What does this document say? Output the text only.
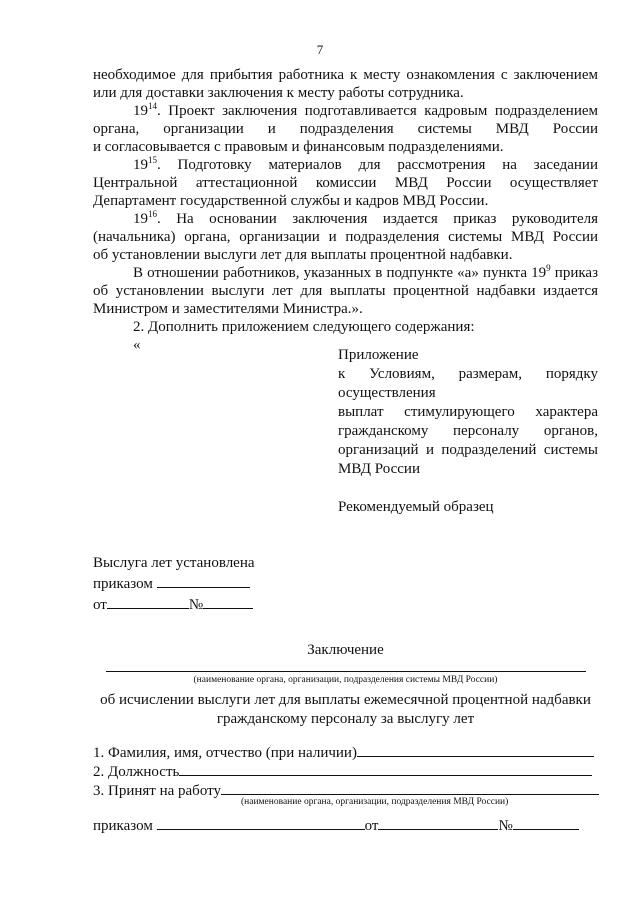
7

необходимое для прибытия работника к месту ознакомления с заключением

или для доставки заключения к месту работы сотрудника.

$19^{14}$. Проект заключения подготавливается кадровым подразделением

органа, организации и подразделения системы МВД России

и согласовывается с правовым и финансовым подразделениями.

$19^{15}$. Подготовку материалов для рассмотрения на заседании

Центральной аттестационной комиссии МВД России осуществляет

Департамент государственной службы и кадров МВД России.

$19^{16}$. На основании заключения издается приказ руководителя

(начальника) органа, организации и подразделения системы МВД России

об установлении выслуги лет для выплаты процентной надбавки.

В отношении работников, указанных в подпункте «а» пункта $19^9$ приказ

об установлении выслуги лет для выплаты процентной надбавки издается

Министром и заместителями Министра.».

2. Дополнить приложением следующего содержания:

«

Приложение
к Условиям, размерам, порядку
осуществления
выплат стимулирующего характера
гражданскому персоналу органов,
организаций и подразделений системы
МВД России
Рекомендуемый образец
Выслуга лет установлена
приказом
от	№
Заключение
(наименование органа, организации, подразделения системы МВД России)
об исчислении выслуги лет для выплаты ежемесячной процентной надбавки
гражданскому персоналу за выслугу лет
1. Фамилия, имя, отчество (при наличии)
2. Должность
3. Принят на работу
(наименование органа, организации, подразделения МВД России)
приказом	от	№
